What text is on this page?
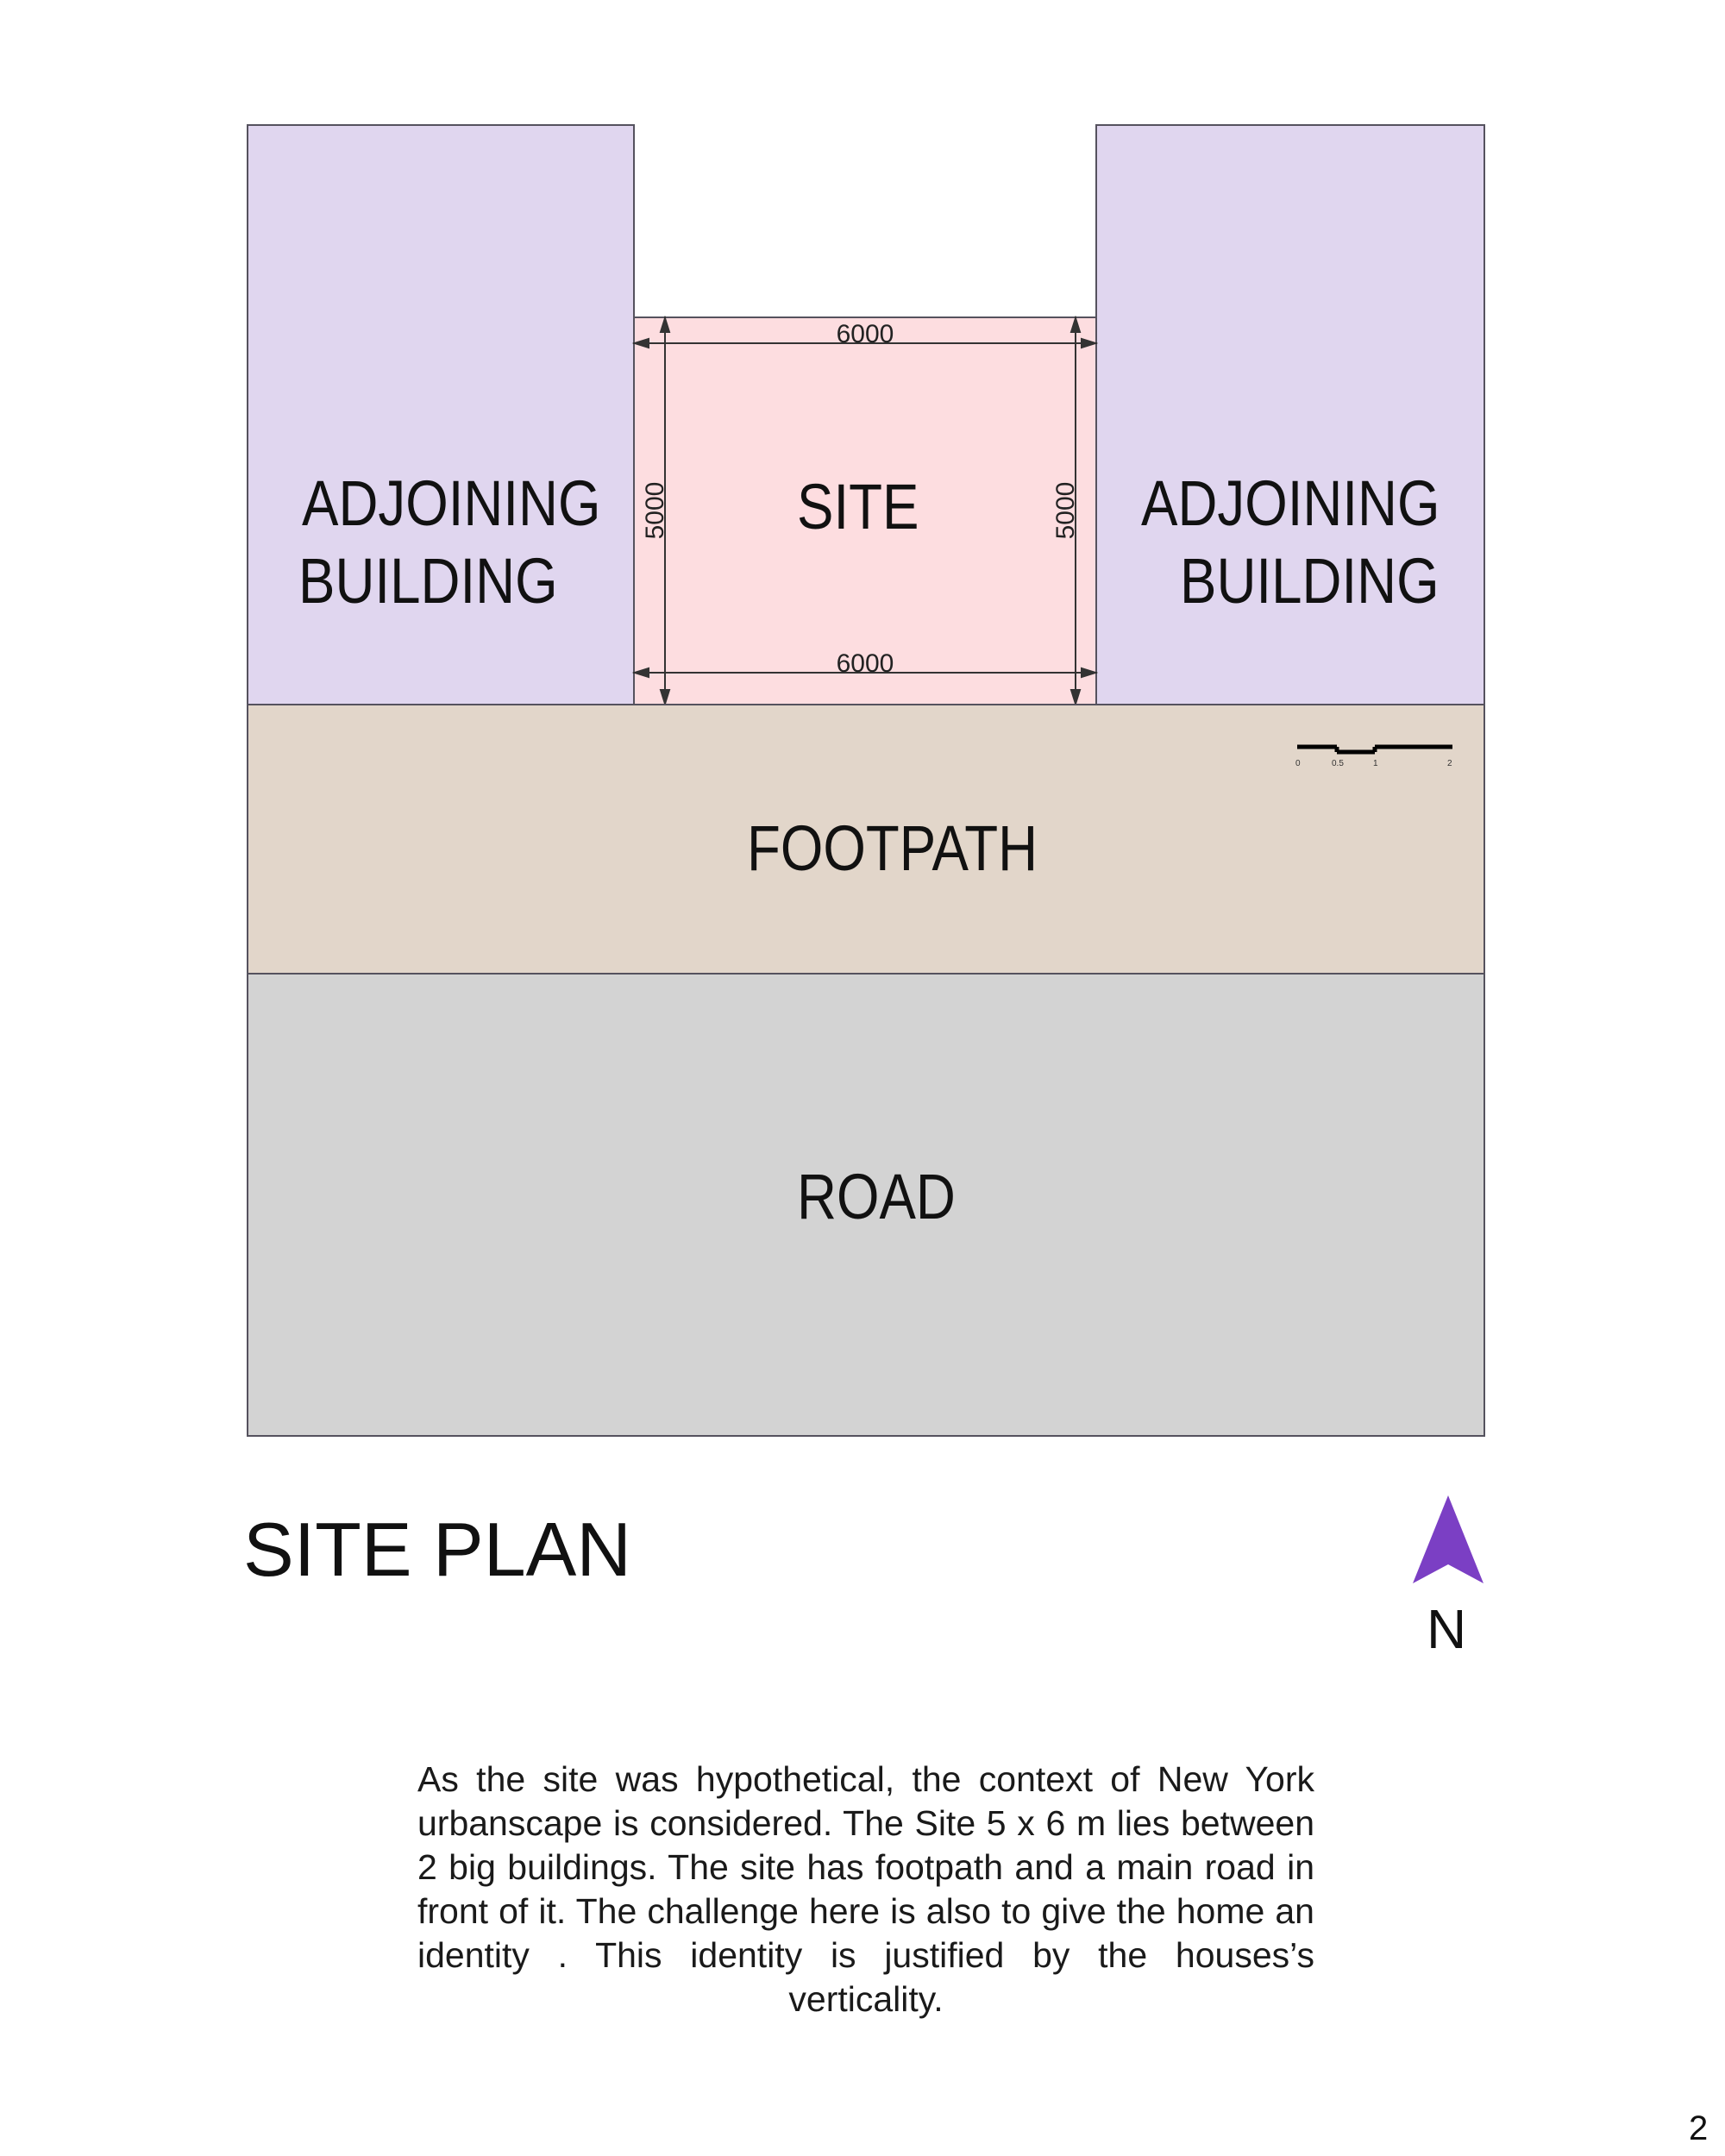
ADJOINING
BUILDING
ADJOINING
BUILDING
SITE
6000
6000
5000	5000
FOOTPATH
0	0.5	1	2
ROAD
SITE PLAN
N

As the site was hypothetical, the context of New York urbanscape is considered. The Site 5 x 6 m lies between 2 big buildings. The site has footpath and a main road in front of it. The challenge here is also to give the home an identity . This identity is justified by the houses’s verticality.

2
